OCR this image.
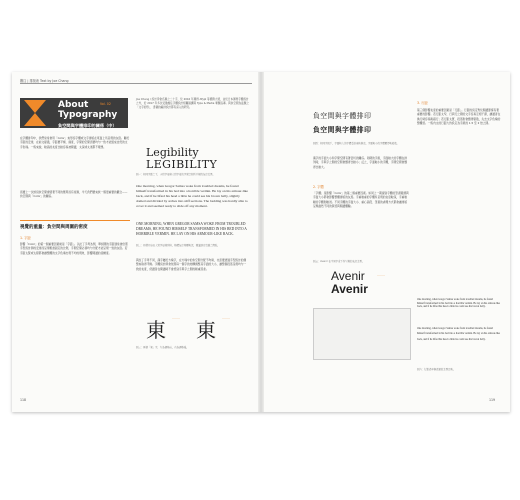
關注 | 排版術 Text by Joe Chang
About
Typography
Vol. 02
負空間與字體排印的關係（中）
Joe Chang / 設計學會名稱之二十字，於 2016 年獲得 ATypI 等國際大獎，並於日本獲得字體設計之外，於 2017 年多次受邀擔任字體設計相關演講與 Type & Media 專題指導。與負空間為話題之「文字的形」、書籍的編排設計都有深入的研究。
在字體排印中，我們常常會用「Color」來形容字體或文字排版在頁面上所呈現的灰度。關於字距的安排，在前文提過，字距要平衡、適度，字間的空間需要均勻一致才能組成自然的文字色塊。一般來說，較高的灰度比較容易被閱讀，太深或太淺都不理想。
延續上一次談到負空間會隨著不同的應用而有差異，今天我們要來談一個更重要的觀念——負空間與「Color」的關係。
視覺的重量：負空間與周圍的密度
1. 字距
影響「Color」的第一個重要因素就是「字距」。以拉丁字母為例，單詞間的字距通常會依照字型設計師的安排而呈現相當固定的比例，字間空間必須均勻分配才能呈現一致的灰度。若字距太緊或太鬆都會讓整體的文字色塊出現不均的現象，影響閱讀的流暢度。
Legibility
LEGIBILITY
圖一：相同字距之下，小寫字母與大寫字母的字間空間所呈現的灰度差異。
One morning, when Gregor Samsa woke from troubled dreams, he found himself transformed in his bed into a horrible vermin. He lay on his armour-like back, and if he lifted his head a little he could see his brown belly, slightly domed and divided by arches into stiff sections. The bedding was hardly able to cover it and seemed ready to slide off any moment.
ONE MORNING, WHEN GREGOR SAMSA WOKE FROM TROUBLED DREAMS, HE FOUND HIMSELF TRANSFORMED IN HIS BED INTO A HORRIBLE VERMIN. HE LAY ON HIS ARMOUR-LIKE BACK.
圖二：同樣內容以大寫字母排列時，整體灰度明顯較深，閱讀速度也隨之降低。
與拉丁字母不同，漢字屬於方塊字，在方塊中的負空間分配不均時，也需要透過字型設計的調整來取得平衡。字體設計師會依照每一個字的結構調整其字面的大小，讓整個段落呈現均勻一致的灰度，使讀者在閱讀時不會感到字與字之間的輕重落差。
東 東
————	————
圖三：兩個「東」字，左為調整前，右為調整後。
118
負空間與字體排印
負空間與字體排印
圖四：相同字級下，字面較大的字體看起來較緊密，字面較小的字體顯得較鬆散。
漢字的字面大小和字間空間有著密切的關係。同樣的字級，字面較大的字體在排列時，字與字之間的空間會顯得比較小；反之，字面較小的字體，字間空間會顯得比較大。
2. 字體
「字體」是影響「Color」的第二個重要因素。如同上一期提到字體的筆畫粗細與字面大小都會影響整體排版的灰度。字重較重的字體所呈現的灰度較深，字重較輕的字體則較淺。不同字體的字面大小、重心高低、筆畫的處理方式都會讓排版呈現截然不同的質感與閱讀體驗。
圖五：Avenir 在不同字重下所呈現的灰度差異。
Avenir
Avenir
————
3. 行距
第三個影響灰度的重要因素是「行距」。行距的設定對於閱讀節奏有著重要的影響。若行距太窄，行與行之間的文字容易互相干擾，讓讀者在換行時容易跳錯行；若行距太寬，段落則會顯得鬆散，失去文字色塊的整體感。一般內文的行距大約設定為字級的 1.5 至 2 倍之間。
One morning, when Gregor Samsa woke from troubled dreams, he found himself transformed in his bed into a horrible vermin. He lay on his armour-like back, and if he lifted his head a little he could see his brown belly.
One morning, when Gregor Samsa woke from troubled dreams, he found himself transformed in his bed into a horrible vermin. He lay on his armour-like back, and if he lifted his head a little he could see his brown belly.
圖六：行距過窄與過寬的差異比較。
119
